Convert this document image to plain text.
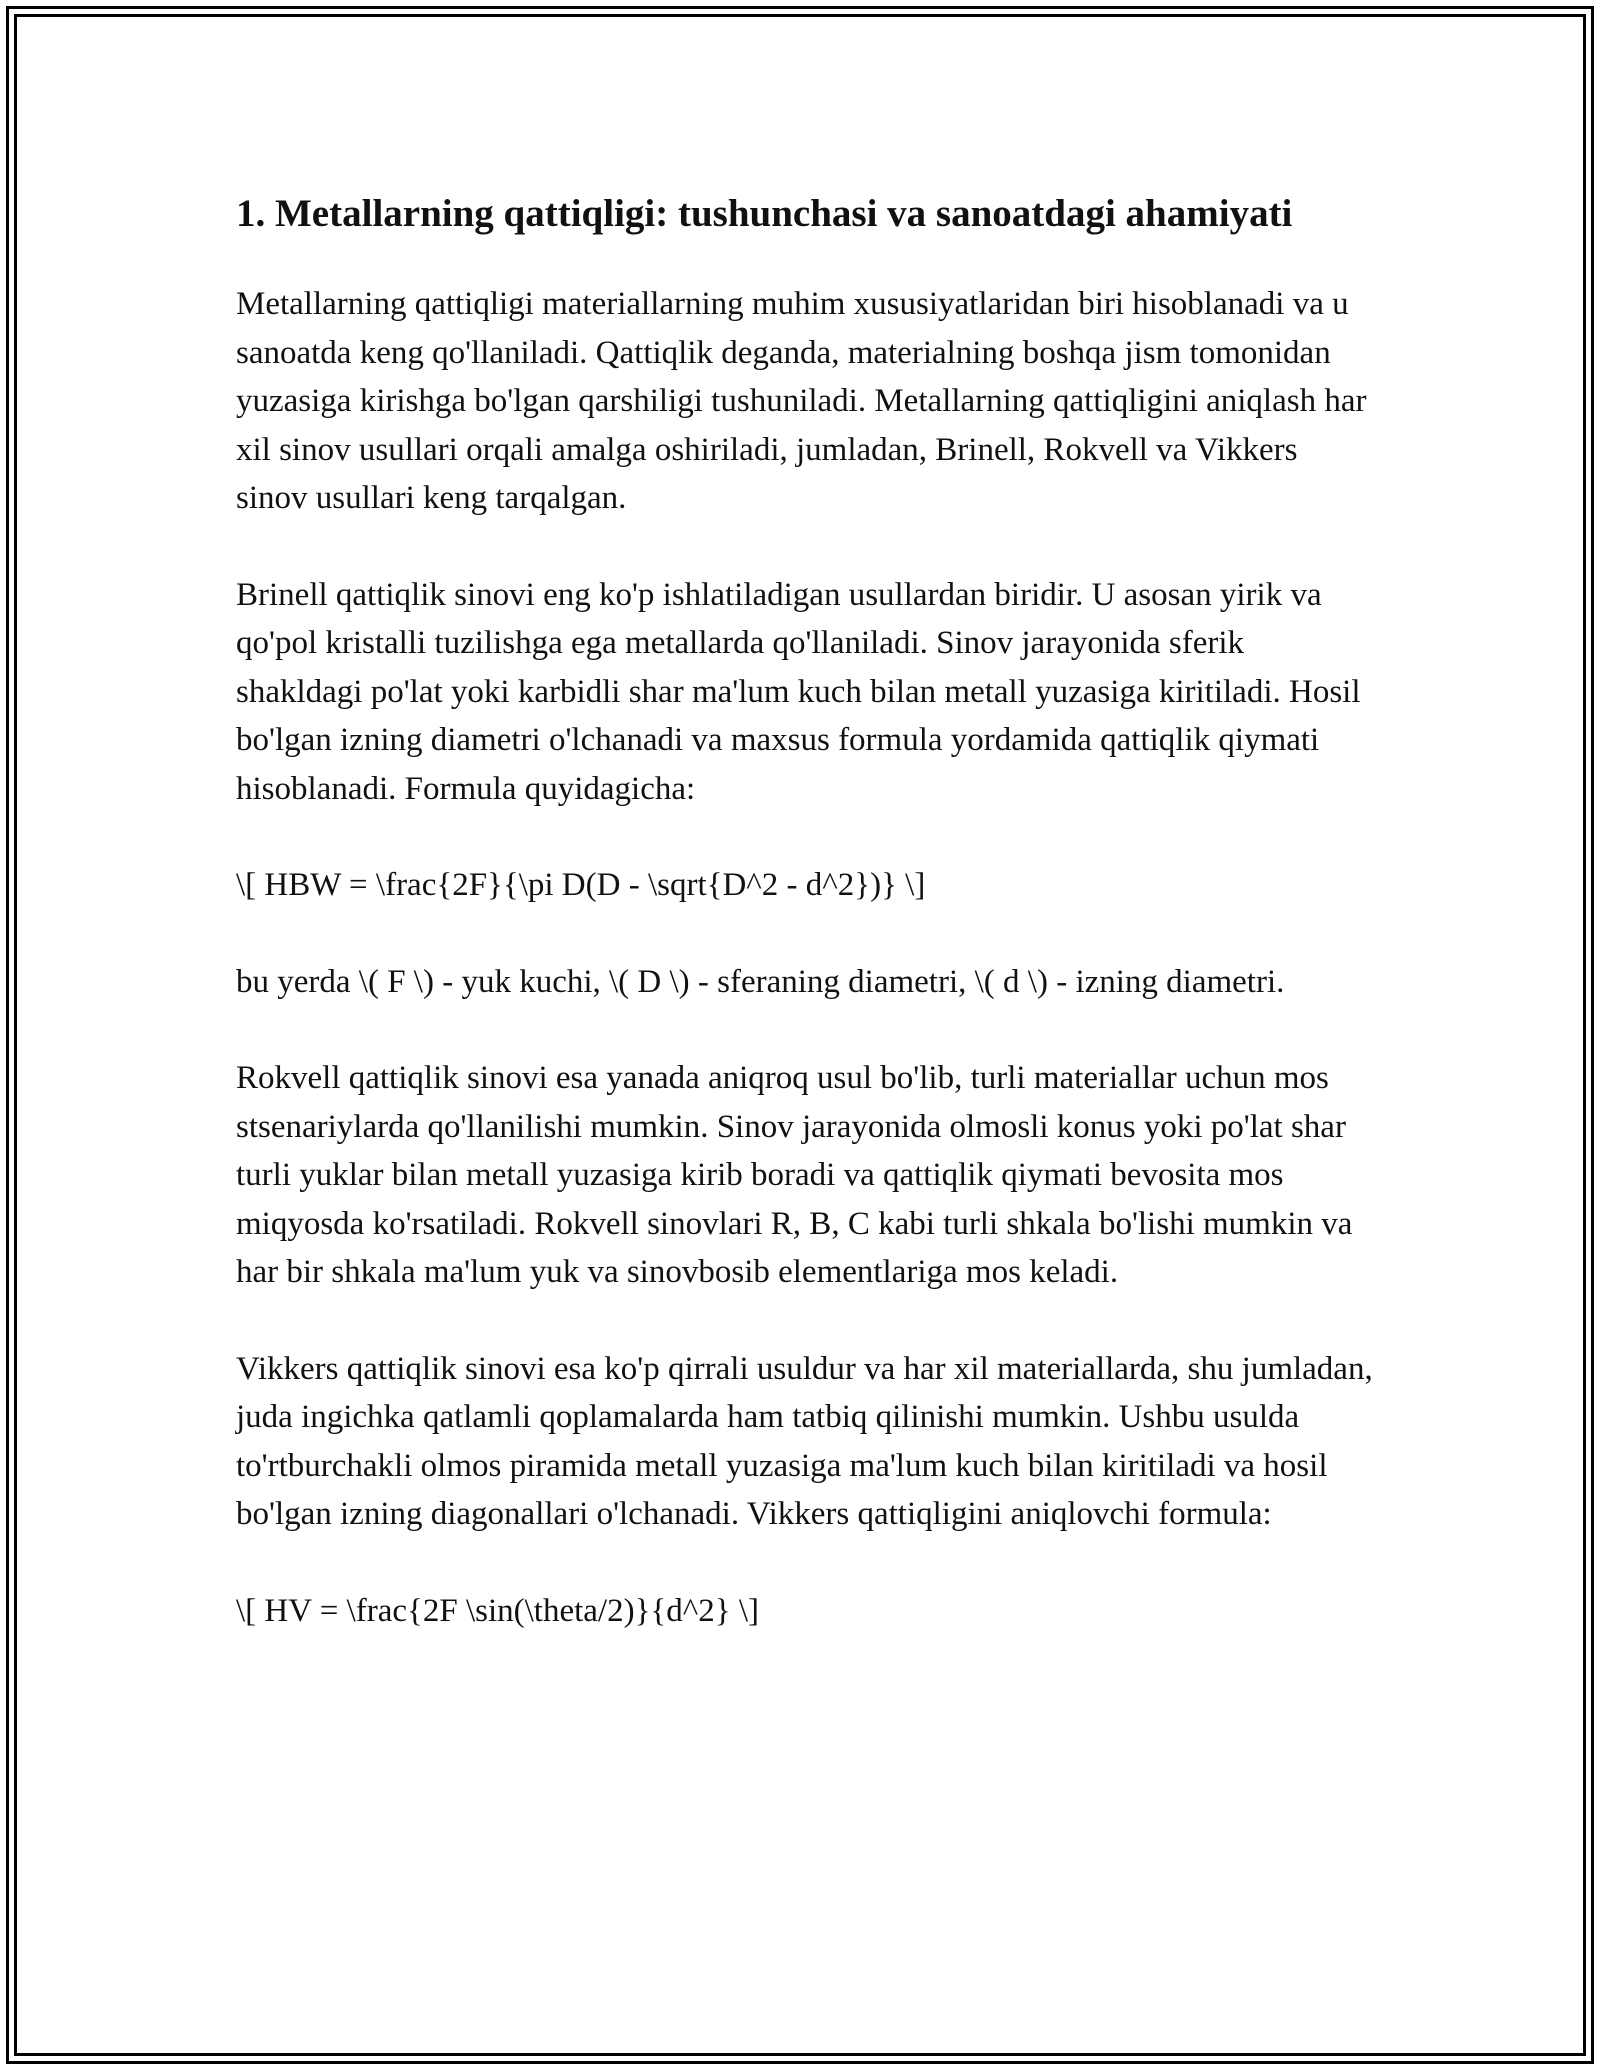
1. Metallarning qattiqligi: tushunchasi va sanoatdagi ahamiyati

Metallarning qattiqligi materiallarning muhim xususiyatlaridan biri hisoblanadi va u sanoatda keng qo'llaniladi. Qattiqlik deganda, materialning boshqa jism tomonidan yuzasiga kirishga bo'lgan qarshiligi tushuniladi. Metallarning qattiqligini aniqlash har xil sinov usullari orqali amalga oshiriladi, jumladan, Brinell, Rokvell va Vikkers sinov usullari keng tarqalgan.

Brinell qattiqlik sinovi eng ko'p ishlatiladigan usullardan biridir. U asosan yirik va qo'pol kristalli tuzilishga ega metallarda qo'llaniladi. Sinov jarayonida sferik shakldagi po'lat yoki karbidli shar ma'lum kuch bilan metall yuzasiga kiritiladi. Hosil bo'lgan izning diametri o'lchanadi va maxsus formula yordamida qattiqlik qiymati hisoblanadi. Formula quyidagicha:

\[ HBW = \frac{2F}{\pi D(D - \sqrt{D^2 - d^2})} \]

bu yerda \( F \) - yuk kuchi, \( D \) - sferaning diametri, \( d \) - izning diametri.

Rokvell qattiqlik sinovi esa yanada aniqroq usul bo'lib, turli materiallar uchun mos stsenariylarda qo'llanilishi mumkin. Sinov jarayonida olmosli konus yoki po'lat shar turli yuklar bilan metall yuzasiga kirib boradi va qattiqlik qiymati bevosita mos miqyosda ko'rsatiladi. Rokvell sinovlari R, B, C kabi turli shkala bo'lishi mumkin va har bir shkala ma'lum yuk va sinovbosib elementlariga mos keladi.

Vikkers qattiqlik sinovi esa ko'p qirrali usuldur va har xil materiallarda, shu jumladan, juda ingichka qatlamli qoplamalarda ham tatbiq qilinishi mumkin. Ushbu usulda to'rtburchakli olmos piramida metall yuzasiga ma'lum kuch bilan kiritiladi va hosil bo'lgan izning diagonallari o'lchanadi. Vikkers qattiqligini aniqlovchi formula:

\[ HV = \frac{2F \sin(\theta/2)}{d^2} \]
